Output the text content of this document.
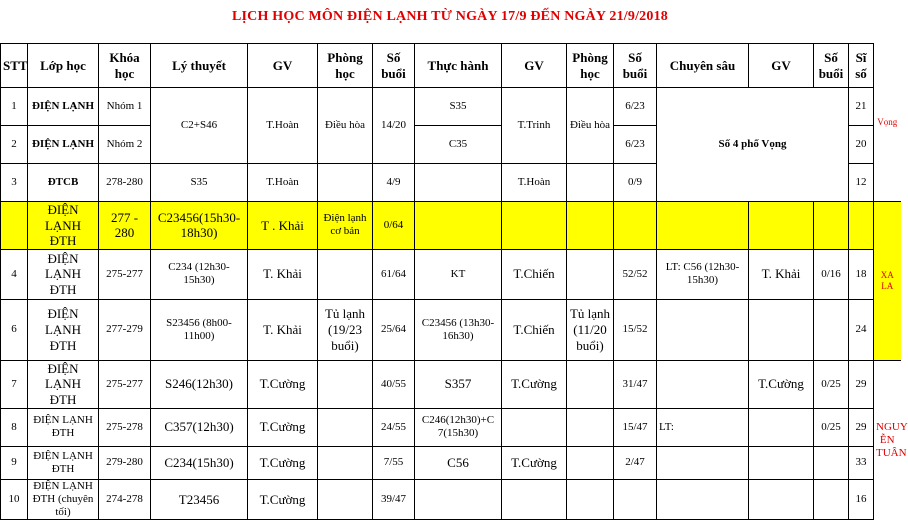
LỊCH HỌC MÔN ĐIỆN LẠNH TỪ NGÀY 17/9 ĐẾN NGÀY 21/9/2018
STT	Lớp học	Khóa học	Lý thuyết	GV	Phòng học	Số buổi	Thực hành	GV	Phòng học	Số buổi	Chuyên sâu	GV	Số buổi	Sĩ số	Vọng
1	ĐIỆN LẠNH	Nhóm 1	C2+S46	T.Hoàn	Điều hòa	14/20	S35	T.Trinh	Điều hòa	6/23	Số 4 phố Vọng			21	
2	ĐIỆN LẠNH	Nhóm 2					C35			6/23				20	
3	ĐTCB	278-280	S35	T.Hoàn		4/9		T.Hoàn		0/9				12	
	ĐIỆN LẠNH ĐTH	277 - 280	C23456(15h30-18h30)	T . Khải	Điện lạnh cơ bản	0/64									XA LA
4	ĐIỆN LẠNH ĐTH	275-277	C234 (12h30-15h30)	T. Khải		61/64	KT	T.Chiến		52/52	LT: C56 (12h30-15h30)	T. Khải	0/16	18	
6	ĐIỆN LẠNH ĐTH	277-279	S23456 (8h00-11h00)	T. Khải	Tủ lạnh (19/23 buổi)	25/64	C23456 (13h30-16h30)	T.Chiến	Tủ lạnh (11/20 buổi)	15/52				24	
7	ĐIỆN LẠNH ĐTH	275-277	S246(12h30)	T.Cường		40/55	S357	T.Cường		31/47		T.Cường	0/25	29	NGUY ỄN TUÂN
8	ĐIỆN LẠNH ĐTH	275-278	C357(12h30)	T.Cường		24/55	C246(12h30)+C 7(15h30)			15/47	LT:		0/25	29	
9	ĐIỆN LẠNH ĐTH	279-280	C234(15h30)	T.Cường		7/55	C56	T.Cường		2/47				33	
10	ĐIỆN LẠNH ĐTH (chuyên tối)	274-278	T23456	T.Cường		39/47								16	
